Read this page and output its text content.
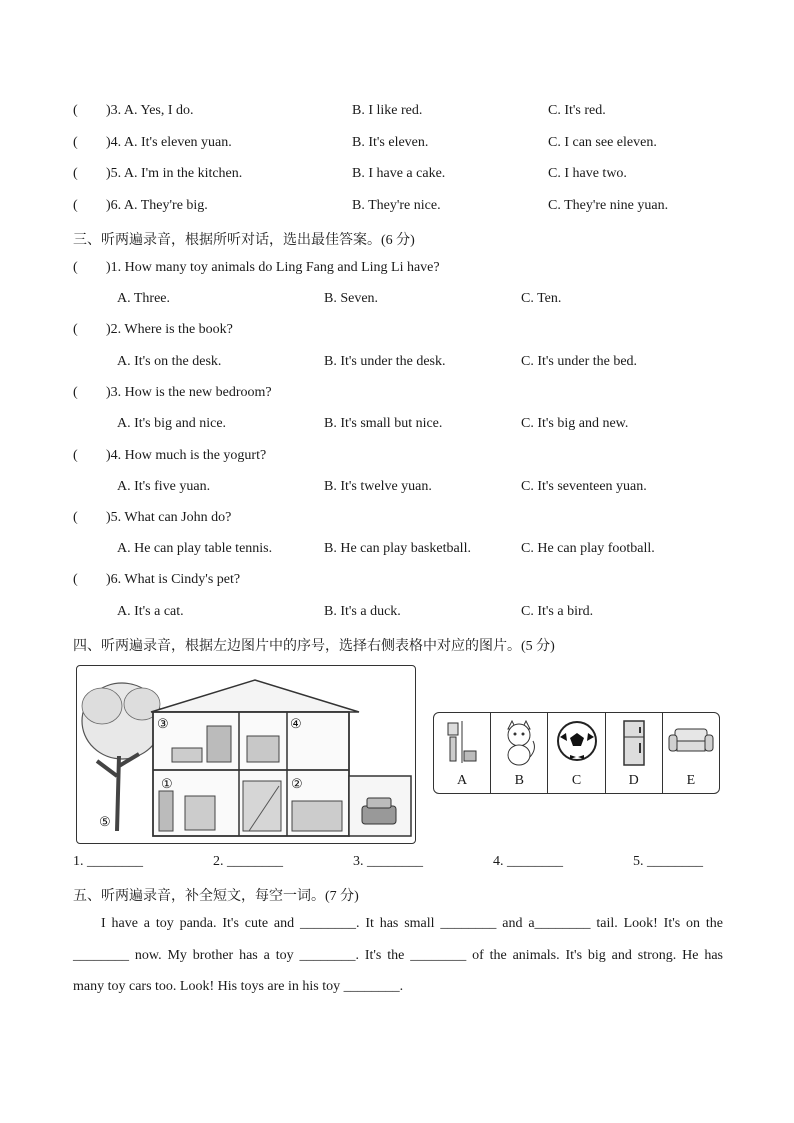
( )3. A. Yes, I do.	B. I like red.	C. It's red.
( )4. A. It's eleven yuan.	B. It's eleven.	C. I can see eleven.
( )5. A. I'm in the kitchen.	B. I have a cake.	C. I have two.
( )6. A. They're big.	B. They're nice.	C. They're nine yuan.
三、听两遍录音，根据所听对话，选出最佳答案。(6 分)
( )1. How many toy animals do Ling Fang and Ling Li have?
A. Three.	B. Seven.	C. Ten.
( )2. Where is the book?
A. It's on the desk.	B. It's under the desk.	C. It's under the bed.
( )3. How is the new bedroom?
A. It's big and nice.	B. It's small but nice.	C. It's big and new.
( )4. How much is the yogurt?
A. It's five yuan.	B. It's twelve yuan.	C. It's seventeen yuan.
( )5. What can John do?
A. He can play table tennis.	B. He can play basketball.	C. He can play football.
( )6. What is Cindy's pet?
A. It's a cat.	B. It's a duck.	C. It's a bird.
四、听两遍录音，根据左边图片中的序号，选择右侧表格中对应的图片。(5 分)
③	④
①	②
⑤
A	B	C	D	E
1. ________	2. ________	3. ________	4. ________	5. ________
五、听两遍录音，补全短文，每空一词。(7 分)
I have a toy panda. It's cute and ________. It has small ________ and a________ tail. Look! It's on the
________ now. My brother has a toy ________. It's the ________ of the animals. It's big and strong. He has
many toy cars too. Look! His toys are in his toy ________.
